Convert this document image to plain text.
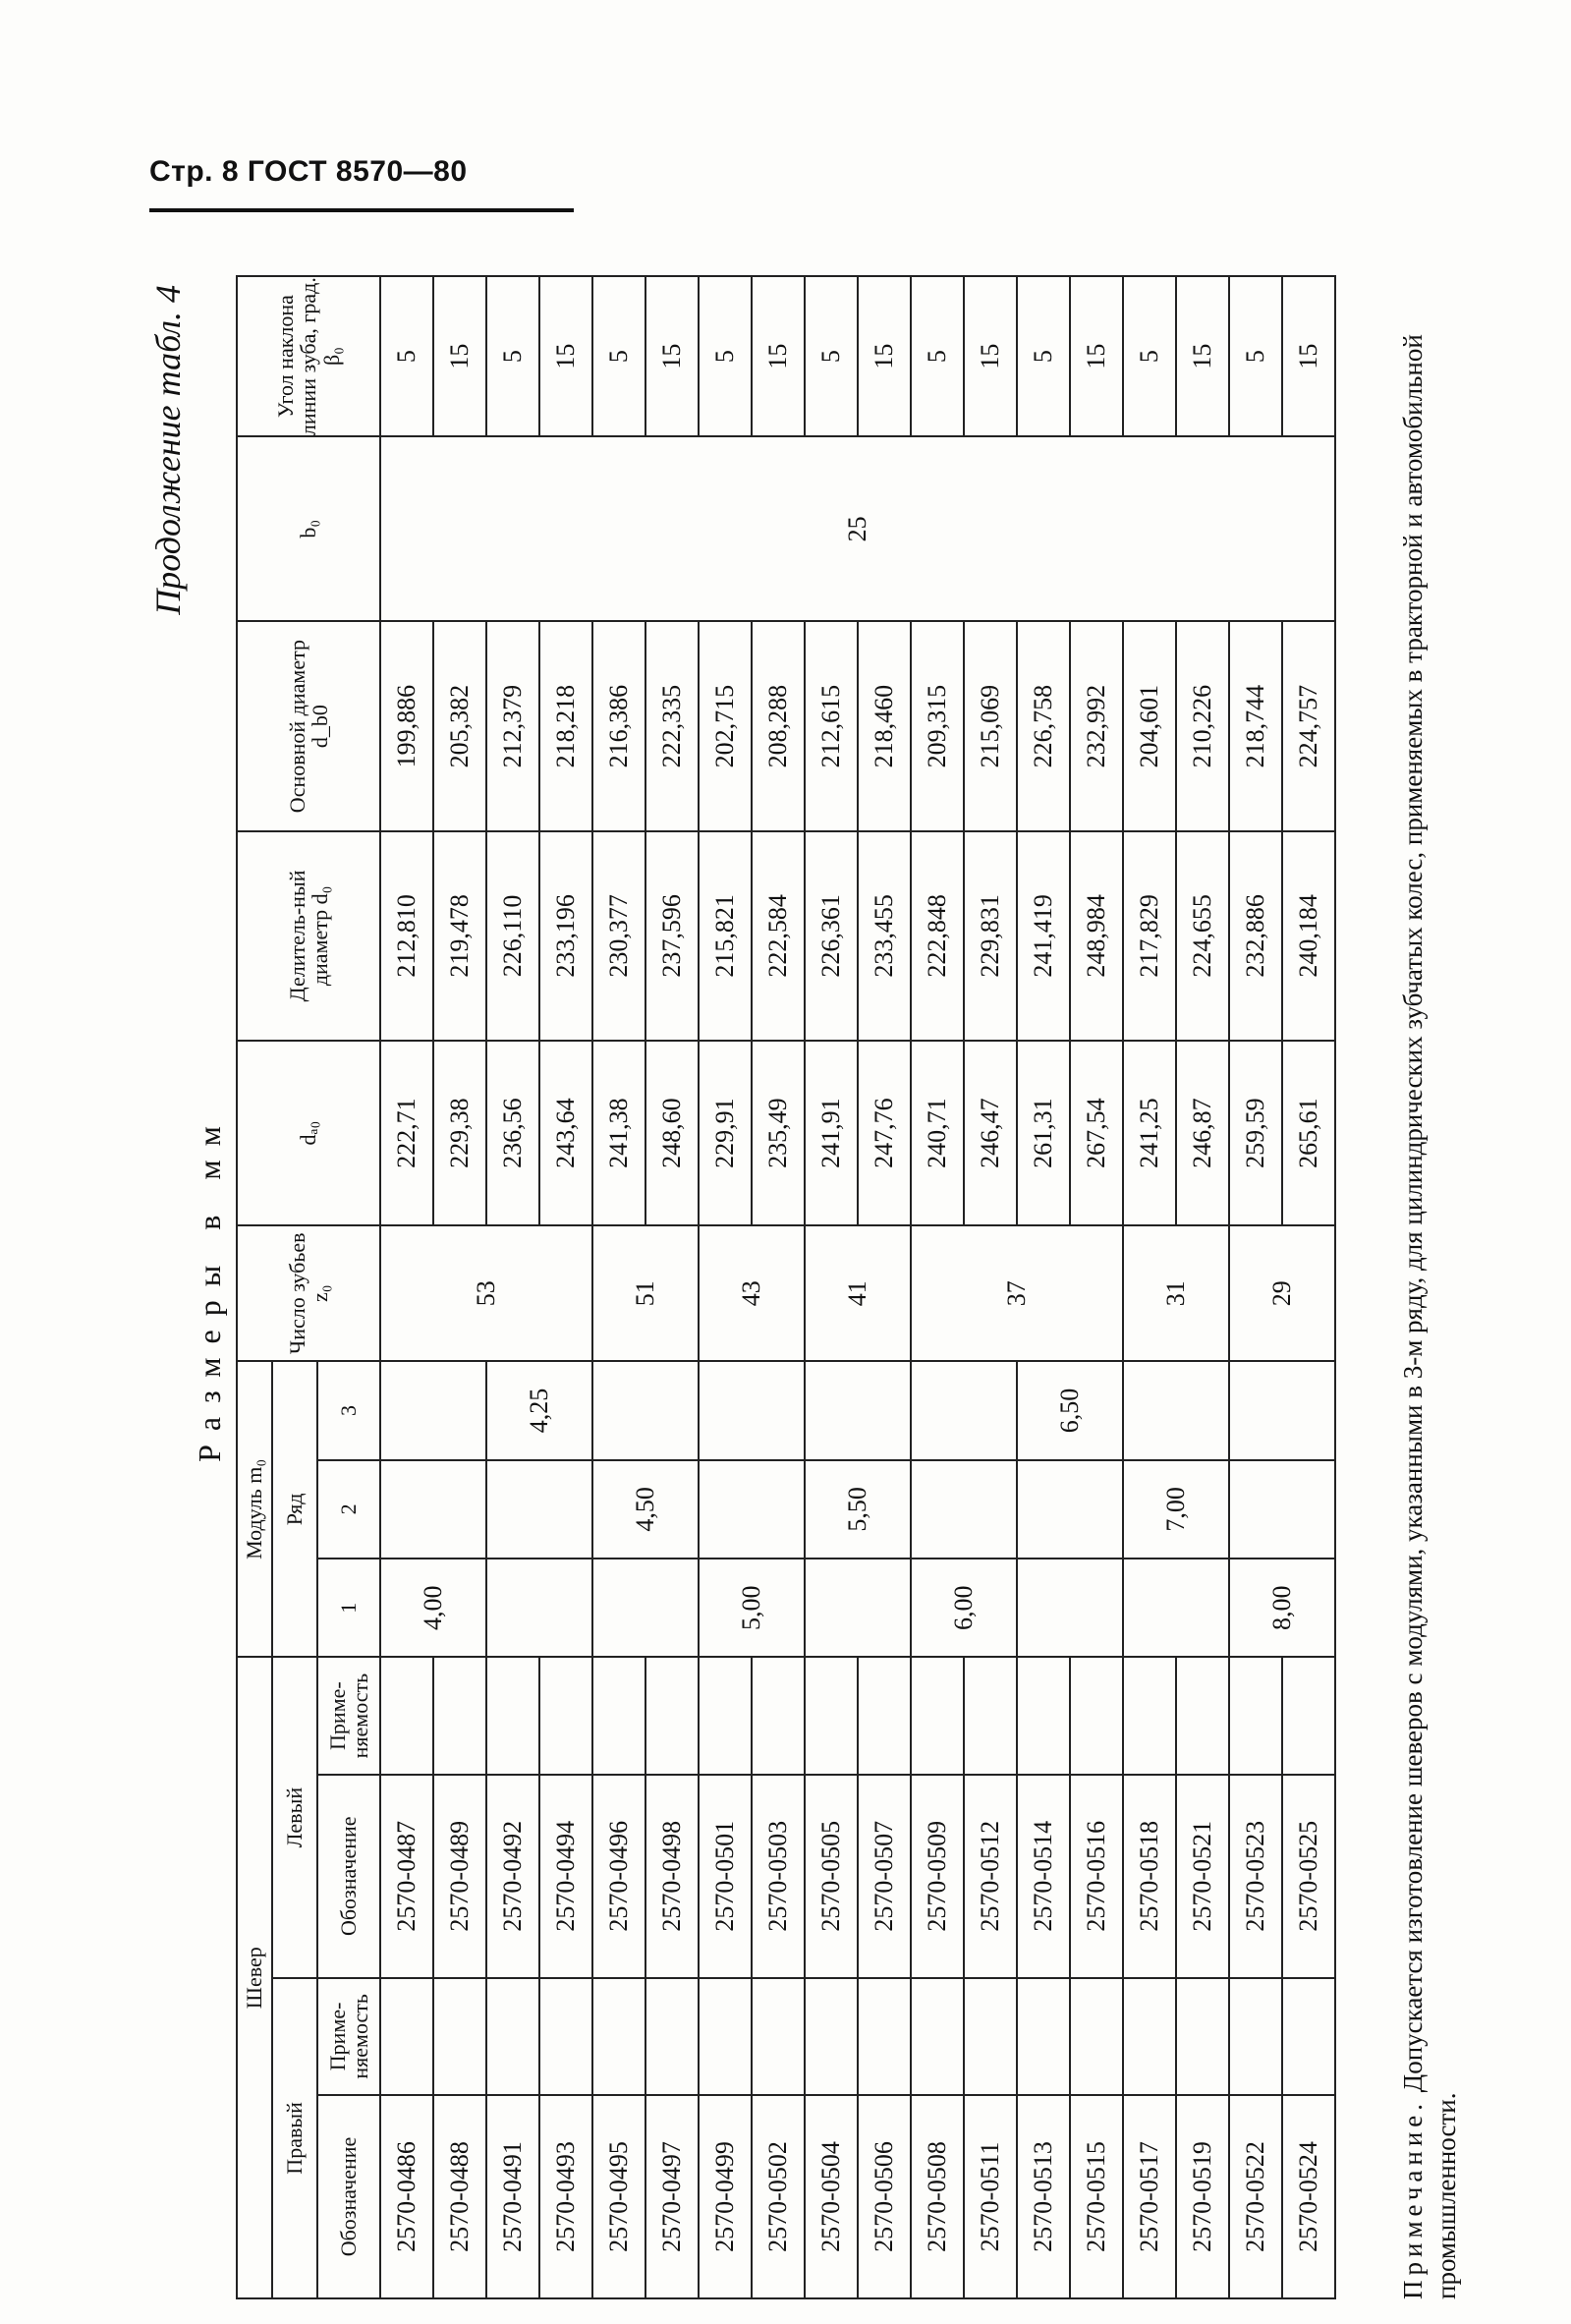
Стр. 8 ГОСТ 8570—80
Продолжение табл. 4
Размеры в мм
Шевер				Модуль m₀			Число зубьев z₀	dₐ₀	Делитель-ный диаметр d₀	Основной диаметр d_b0	b₀	Угол наклона линии зуба, град. β₀
Правый		Левый		Ряд								
Обозначение	Приме-няемость	Обозначение	Приме-няемость	1	2	3						
2570-0486		2570-0487		4,00			53	222,71	212,810	199,886	25	5
2570-0488		2570-0489						229,38	219,478	205,382		15
2570-0491		2570-0492				4,25		236,56	226,110	212,379		5
2570-0493		2570-0494						243,64	233,196	218,218		15
2570-0495		2570-0496			4,50		51	241,38	230,377	216,386		5
2570-0497		2570-0498						248,60	237,596	222,335		15
2570-0499		2570-0501		5,00			43	229,91	215,821	202,715		5
2570-0502		2570-0503						235,49	222,584	208,288		15
2570-0504		2570-0505			5,50		41	241,91	226,361	212,615		5
2570-0506		2570-0507						247,76	233,455	218,460		15
2570-0508		2570-0509		6,00			37	240,71	222,848	209,315		5
2570-0511		2570-0512						246,47	229,831	215,069		15
2570-0513		2570-0514				6,50		261,31	241,419	226,758		5
2570-0515		2570-0516						267,54	248,984	232,992		15
2570-0517		2570-0518			7,00		31	241,25	217,829	204,601		5
2570-0519		2570-0521						246,87	224,655	210,226		15
2570-0522		2570-0523		8,00			29	259,59	232,886	218,744		5
2570-0524		2570-0525						265,61	240,184	224,757		15
Примечание. Допускается изготовление шеверов с модулями, указанными в 3-м ряду, для цилиндрических зубчатых колес, применяемых в тракторной и автомобильной промышленности.
